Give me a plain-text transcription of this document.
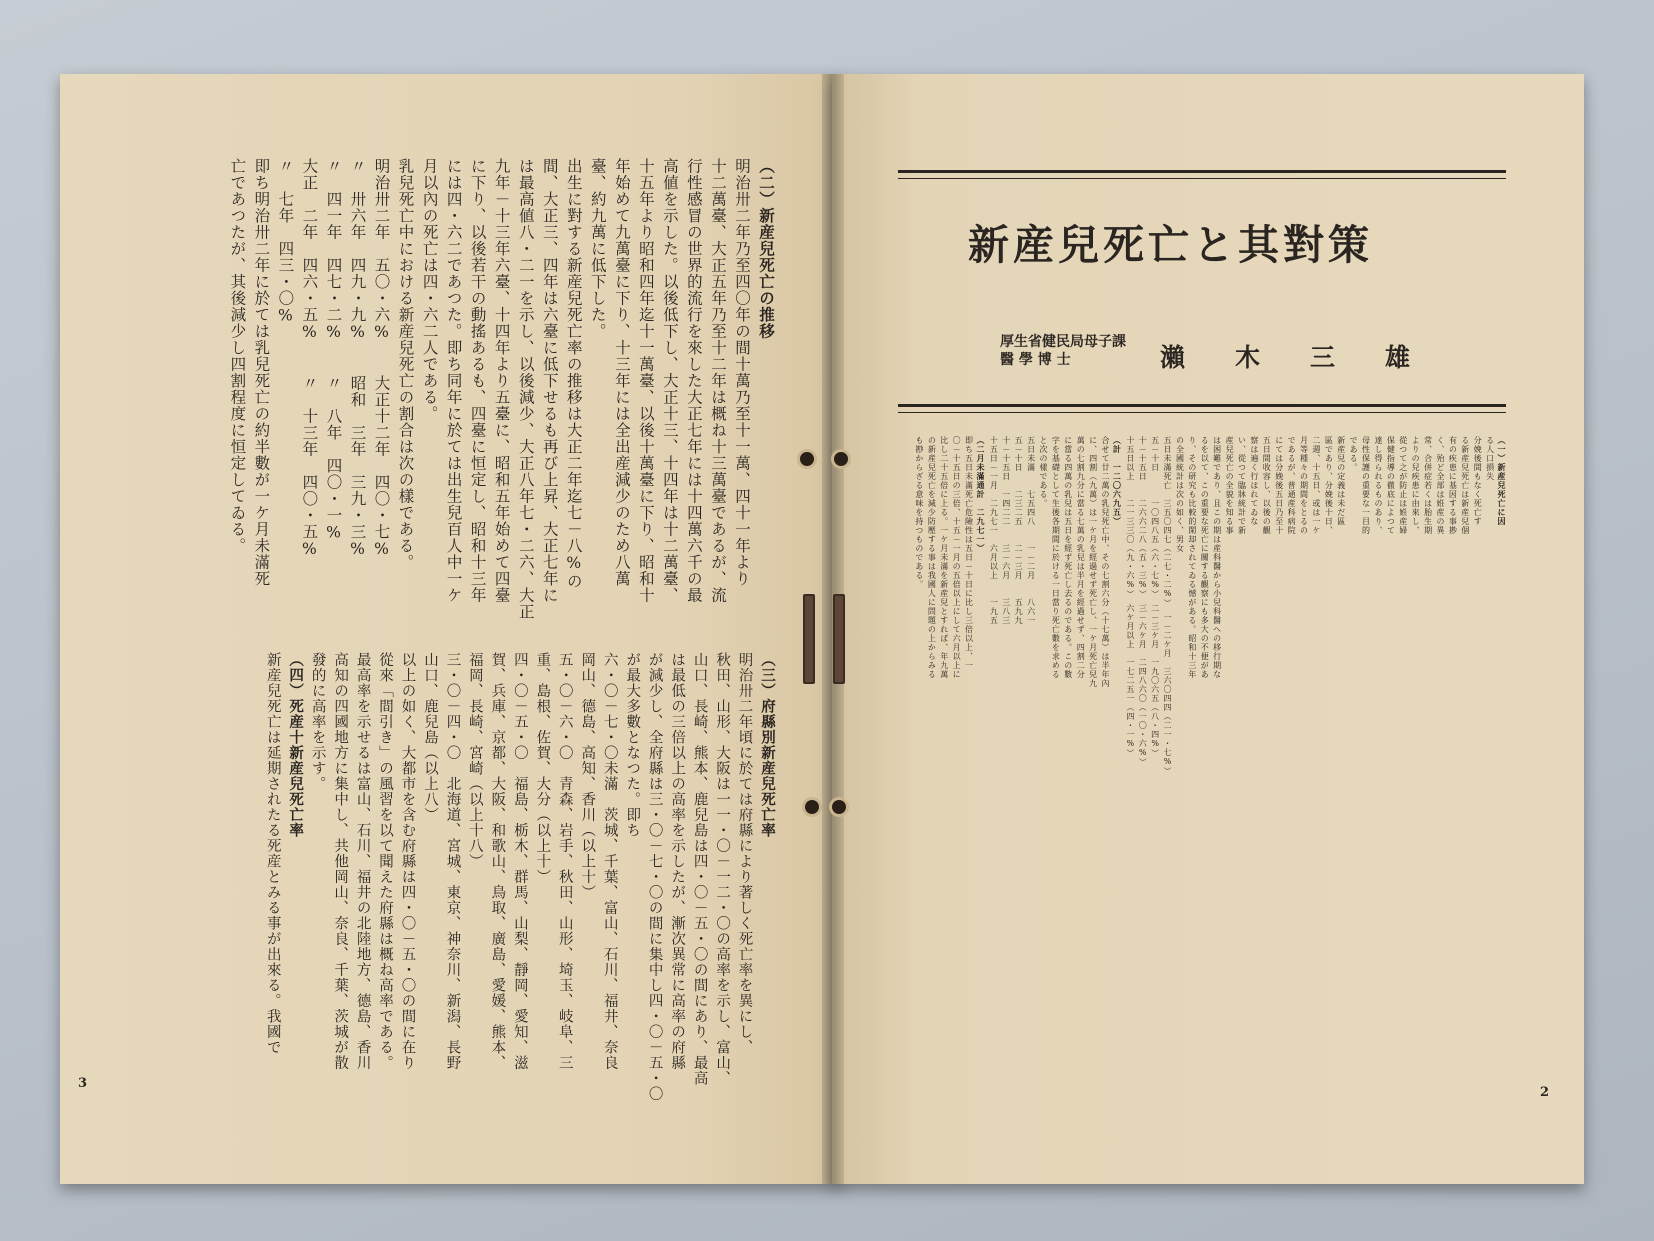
新産兒死亡と其對策
厚生省健民局母子課
醫 學 博 士	瀨木三雄
（一）新産兒死亡に因
る人口損失
分娩後間もなく死亡す
る新産兒死亡は新産兒個
有の疾患に基因する事尠
く、殆ど全部は姙産の異
常、合併症若くは胎生期
よりの兒疾患に由來し、
從つて之が防止は姙産婦
保健指導の徹底によつて
達し得られるものあり、
母性保護の重要な一目的
である。
新産兒の定義は未だ區
區であり、分娩後十日、
二週、十五日、或は一ケ
月等種々の期間をとるの
であるが、普通産科病院
にては分娩後五日乃至十
五日間收容し、以後の觀
察は遍く行はれてゐな
い、從つて臨牀統計で新
産兒死亡の全貌を知る事
は困難であり、且この期は産科醫から小兒科醫への移行期な
るを以て、この重要な死亡に關する觀察にも多大の不便があ
り、その研究も比較的閑却されてゐる憾がある。昭和十三年
の全國統計は次の如く、男女
五日未滿死亡　三五〇四七（二七・二%）　一－二ケ月　三六〇四四（二一・七%）
五－十日　　　一〇四八五（六・七%）　二－三ケ月　一九〇六五（八・四%）
十－十五日　　二六六二八（五・三%）　三－六ケ月　二四八六〇（一〇・六%）
十五日以上　　二一三三〇（九・六%）　六ケ月以上　一七二五一（四・一%）
（計　一二〇六九五）
合せて廿二萬の乳兒死亡中、その七割六分（十七萬）は半年內
に、四割（九萬）は一ケ月を經過せず死亡し、一ケ月死亡兒九
萬の七割九分に當る七萬の乳兒は半月を經過せず、四割二分
に當る四萬の乳兒は五日を經ず死亡し去るのである。この數
字を基礎として生後各期間に於ける一日當り死亡數を求める
と次の樣である。
五日未滿　　七五四八　　一－二月　　八六一
五－十日　　二三二五　　二－三月　　五九九
十－十五日　一四二二　　三－六月　　三八三
十五日－一月　二九七一　六月以上　　一九五
（二月未滿通計　二九七一）
即ち五日未滿死亡危險性は五日－十日に比し三倍以上、一
〇－十五日の三倍、十五－一月の五倍以上にして六月以上に
比し二十五倍に上る。一ケ月未滿を新産兒とすれば、年九萬
の新産兒死亡を減少防壓する事は我國人に問題の上からみる
も尠からざる意味を持つものである。
2
（二）新産兒死亡の推移
明治卅二年乃至四〇年の間十萬乃至十一萬、四十一年より
十二萬臺、大正五年乃至十二年は概ね十三萬臺であるが、流
行性感冒の世界的流行を來した大正七年には十四萬六千の最
高値を示した。以後低下し、大正十三、十四年は十二萬臺、
十五年より昭和四年迄十一萬臺、以後十萬臺に下り、昭和十
年始めて九萬臺に下り、十三年には全出産減少のため八萬
臺、約九萬に低下した。
出生に對する新産兒死亡率の推移は大正二年迄七－八%の
間、大正三、四年は六臺に低下せるも再び上昇、大正七年に
は最高値八・二一を示し、以後減少、大正八年七・二六、大正
九年－十三年六臺、十四年より五臺に、昭和五年始めて四臺
に下り、以後若干の動搖あるも、四臺に恒定し、昭和十三年
には四・六二であつた。即ち同年に於ては出生兒百人中一ケ
月以內の死亡は四・六二人である。
乳兒死亡中における新産兒死亡の割合は次の樣である。
明治卅二年　五〇・六%　　大正十二年　四〇・七%
〃　卅六年　四九・九%　　昭和　三年　三九・三%
〃　四一年　四七・二%　　〃　八年　四〇・一%
大正　二年　四六・五%　　〃　十三年　四〇・五%
〃　七年　四三・〇%
即ち明治卅二年に於ては乳兒死亡の約半數が一ケ月未滿死
亡であつたが、其後減少し四割程度に恒定してゐる。
（三）府縣別新産兒死亡率
明治卅二年頃に於ては府縣により著しく死亡率を異にし、
秋田、山形、大阪は一一・〇－一二・〇の高率を示し、富山、
山口、長崎、熊本、鹿兒島は四・〇－五・〇の間にあり、最高
は最低の三倍以上の高率を示したが、漸次異常に高率の府縣
が減少し、全府縣は三・〇－七・〇の間に集中し四・〇－五・〇
が最大多數となつた。即ち
六・〇－七・〇未滿　茨城、千葉、富山、石川、福井、奈良
岡山、德島、高知、香川（以上十）
五・〇－六・〇　青森、岩手、秋田、山形、埼玉、岐阜、三
重、島根、佐賀、大分（以上十）
四・〇－五・〇　福島、栃木、群馬、山梨、靜岡、愛知、滋
賀、兵庫、京都、大阪、和歌山、鳥取、廣島、愛媛、熊本、
福岡、長崎、宮崎（以上十八）
三・〇－四・〇　北海道、宮城、東京、神奈川、新潟、長野
山口、鹿兒島（以上八）
以上の如く、大都市を含む府縣は四・〇－五・〇の間に在り
從來「間引き」の風習を以て聞えた府縣は概ね高率である。
最高率を示せるは富山、石川、福井の北陸地方、德島、香川
高知の四國地方に集中し、共他岡山、奈良、千葉、茨城が散
發的に高率を示す。
（四）死産十新産兒死亡率
新産兒死亡は延期されたる死産とみる事が出來る。我國で
3
